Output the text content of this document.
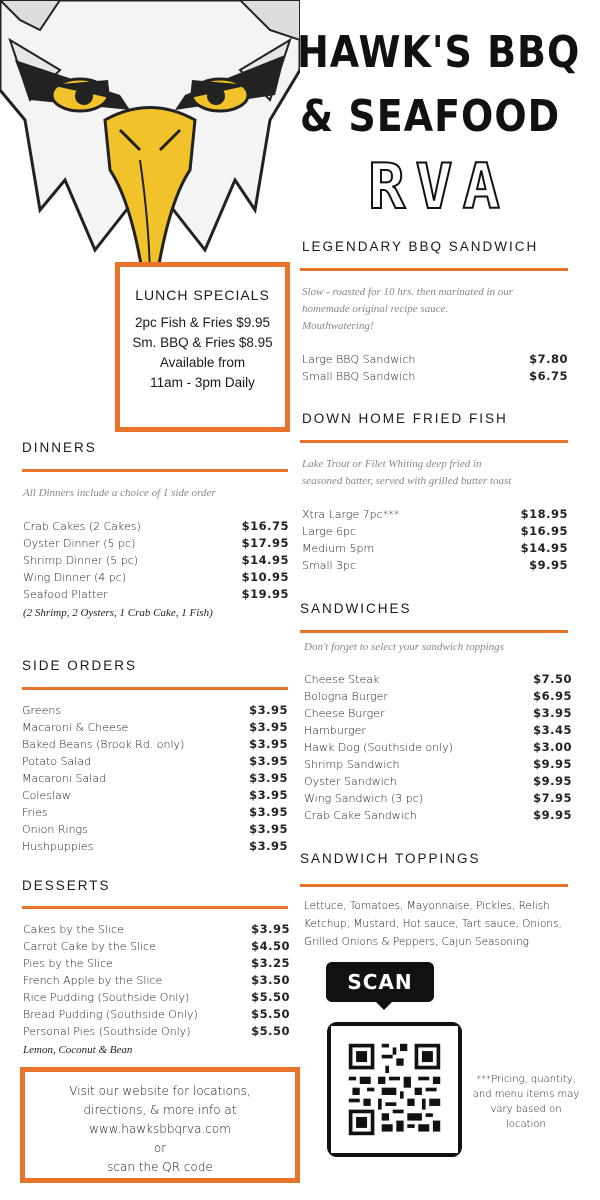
HAWK'S BBQ
& SEAFOOD
RVA
LEGENDARY BBQ SANDWICH
Slow - roasted for 10 hrs. then marinated in our homemade original recipe sauce. Mouthwatering!
Large BBQ Sandwich	$7.80
Small BBQ Sandwich	$6.75
DOWN HOME FRIED FISH
Lake Trout or Filet Whiting deep fried in seasoned batter, served with grilled butter toast
Xtra Large 7pc***	$18.95
Large 6pc	$16.95
Medium 5pm	$14.95
Small 3pc	$9.95
LUNCH SPECIALS
2pc Fish & Fries $9.95
Sm. BBQ & Fries $8.95
Available from
11am - 3pm Daily
DINNERS
All Dinners include a choice of 1 side order
Crab Cakes (2 Cakes)	$16.75
Oyster Dinner (5 pc)	$17.95
Shrimp Dinner (5 pc)	$14.95
Wing Dinner (4 pc)	$10.95
Seafood Platter	$19.95
(2 Shrimp, 2 Oysters, 1 Crab Cake, 1 Fish)
SIDE ORDERS
Greens	$3.95
Macaroni & Cheese	$3.95
Baked Beans (Brook Rd. only)	$3.95
Potato Salad	$3.95
Macaroni Salad	$3.95
Coleslaw	$3.95
Fries	$3.95
Onion Rings	$3.95
Hushpuppies	$3.95
SANDWICHES
Don't forget to select your sandwich toppings
Cheese Steak	$7.50
Bologna Burger	$6.95
Cheese Burger	$3.95
Hamburger	$3.45
Hawk Dog (Southside only)	$3.00
Shrimp Sandwich	$9.95
Oyster Sandwich	$9.95
Wing Sandwich (3 pc)	$7.95
Crab Cake Sandwich	$9.95
SANDWICH TOPPINGS
Lettuce, Tomatoes, Mayonnaise, Pickles, Relish
Ketchup, Mustard, Hot sauce, Tart sauce, Onions,
Grilled Onions & Peppers, Cajun Seasoning
DESSERTS
Cakes by the Slice	$3.95
Carrot Cake by the Slice	$4.50
Pies by the Slice	$3.25
French Apple by the Slice	$3.50
Rice Pudding (Southside Only)	$5.50
Bread Pudding (Southside Only)	$5.50
Personal Pies (Southside Only)	$5.50
Lemon, Coconut & Bean
Visit our website for locations,
directions, & more info at
www.hawksbbqrva.com
or
scan the QR code
SCAN
***Pricing, quantity, and menu items may vary based on location
